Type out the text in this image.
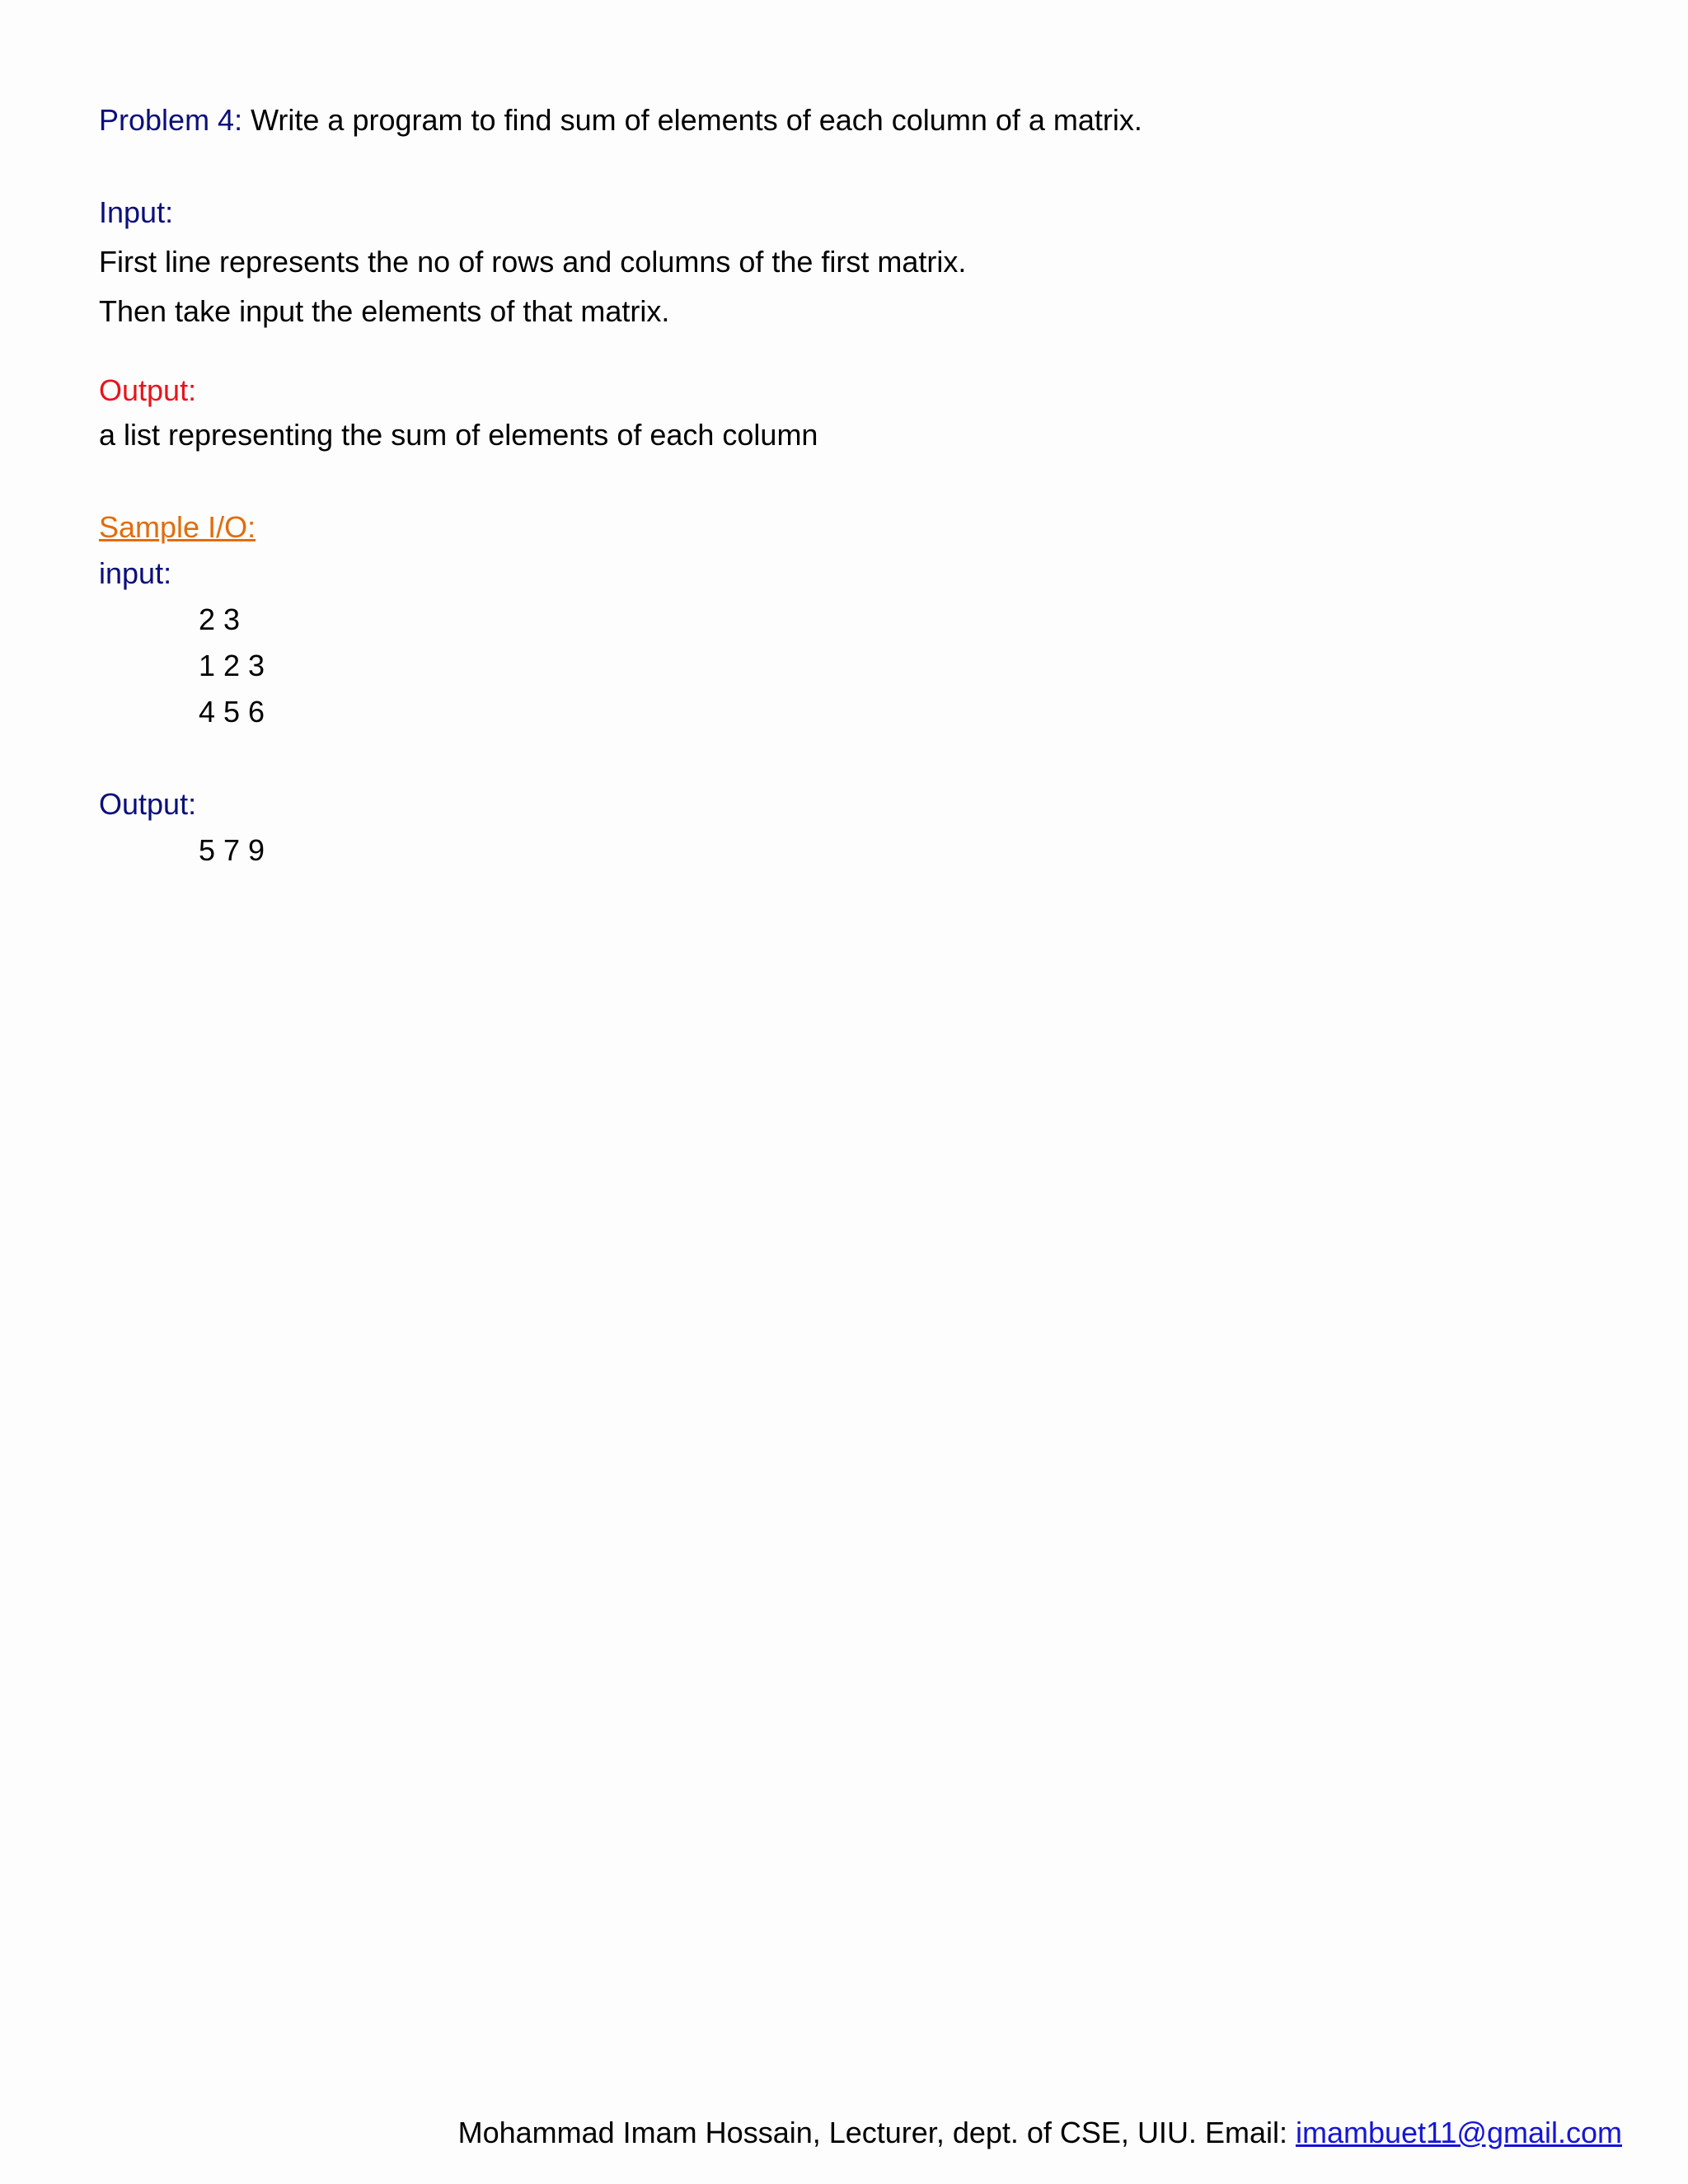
Problem 4: Write a program to find sum of elements of each column of a matrix.
Input:
First line represents the no of rows and columns of the first matrix.
Then take input the elements of that matrix.
Output:
a list representing the sum of elements of each column
Sample I/O:
input:
2 3
1 2 3
4 5 6
Output:
5 7 9
Mohammad Imam Hossain, Lecturer, dept. of CSE, UIU. Email: imambuet11@gmail.com
